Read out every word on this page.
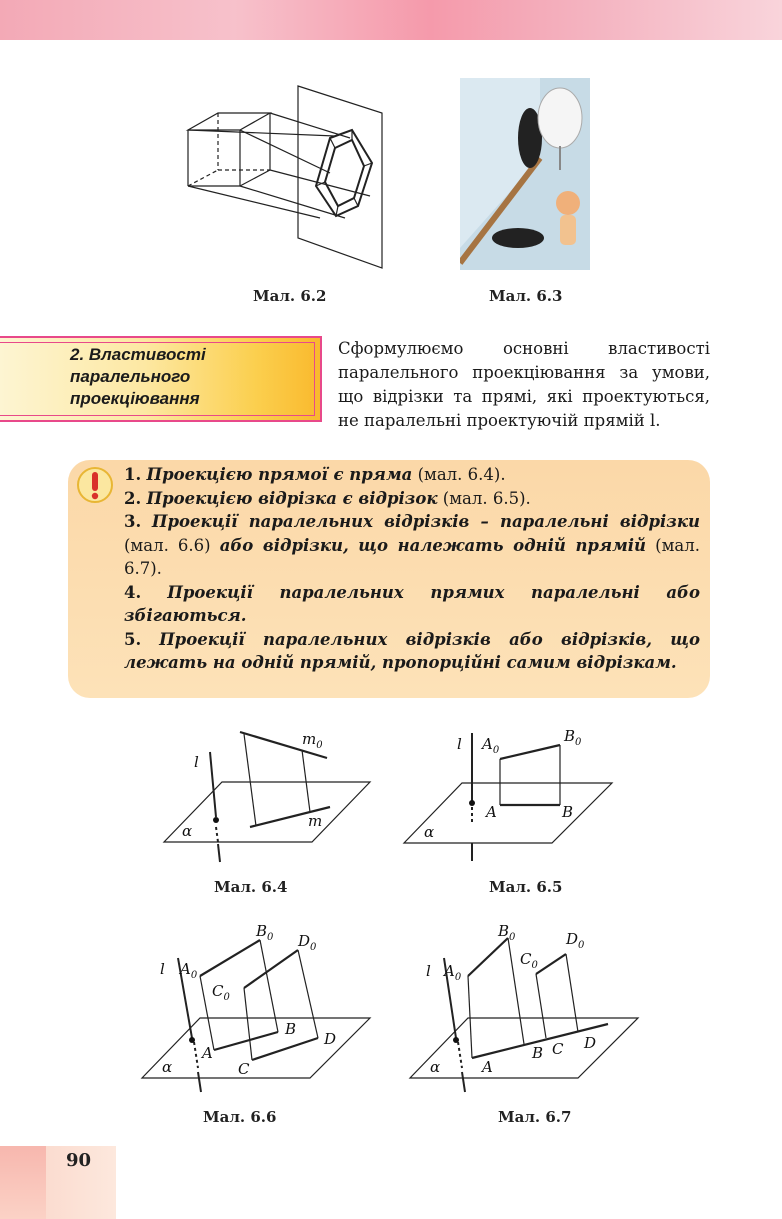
Мал. 6.2	Мал. 6.3
2. Властивості паралельного проекціювання
Сформулюємо основні властивості паралельного проекціювання за умови, що відрізки та прямі, які проектуються, не паралельні проектуючій прямій l.
1. Проекцією прямої є пряма (мал. 6.4).
2. Проекцією відрізка є відрізок (мал. 6.5).
3. Проекції паралельних відрізків – паралельні відрізки (мал. 6.6) або відрізки, що належать одній прямій (мал. 6.7).
4. Проекції паралельних прямих паралельні або збігаються.
5. Проекції паралельних відрізків або відрізків, що лежать на одній прямій, пропорційні самим відрізкам.
l
$m_0$
m
α
Мал. 6.4
l $A_0$
$B_0$
A	B
α
Мал. 6.5
l $A_0$
$B_0$
$C_0$
$D_0$
A
B
C
D
α
Мал. 6.6
l $A_0$
$B_0$
$C_0$
$D_0$
A
B C D
α
Мал. 6.7
90
